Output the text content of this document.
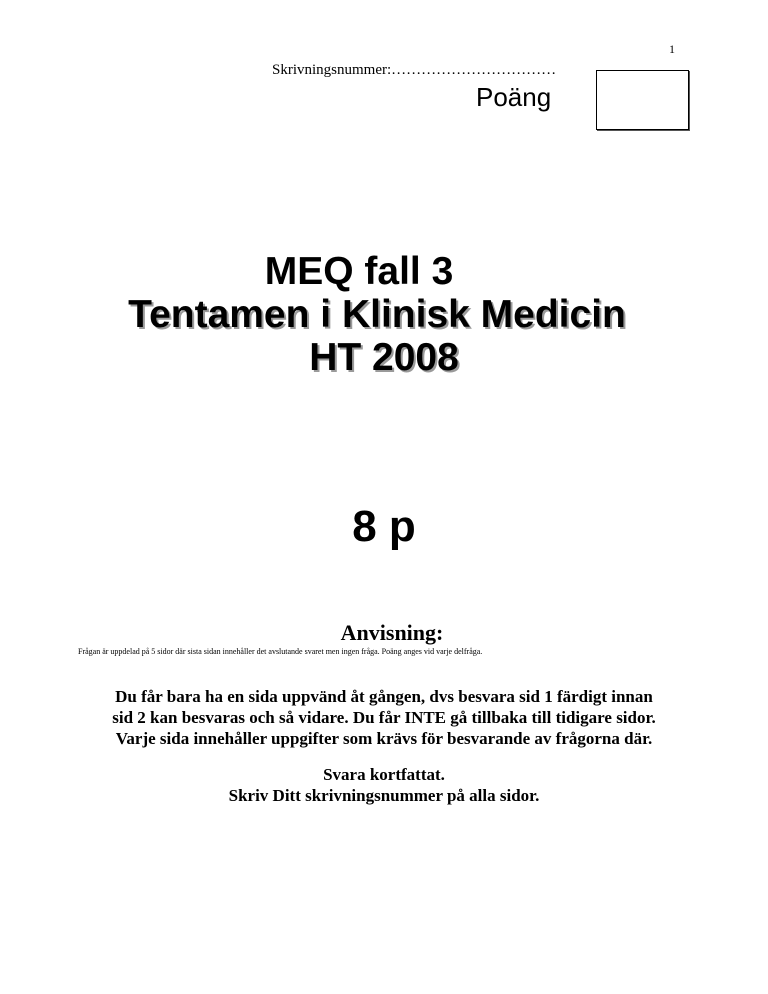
1
Skrivningsnummer:……………………………
Poäng
MEQ fall 3
Tentamen i Klinisk Medicin
HT 2008
8 p
Anvisning:
Frågan är uppdelad på 5 sidor där sista sidan innehåller det avslutande svaret men ingen fråga. Poäng anges vid varje delfråga.
Du får bara ha en sida uppvänd åt gången, dvs besvara sid 1 färdigt innan
sid 2 kan besvaras och så vidare. Du får INTE gå tillbaka till tidigare sidor.
Varje sida innehåller uppgifter som krävs för besvarande av frågorna där.
Svara kortfattat.
Skriv Ditt skrivningsnummer på alla sidor.
